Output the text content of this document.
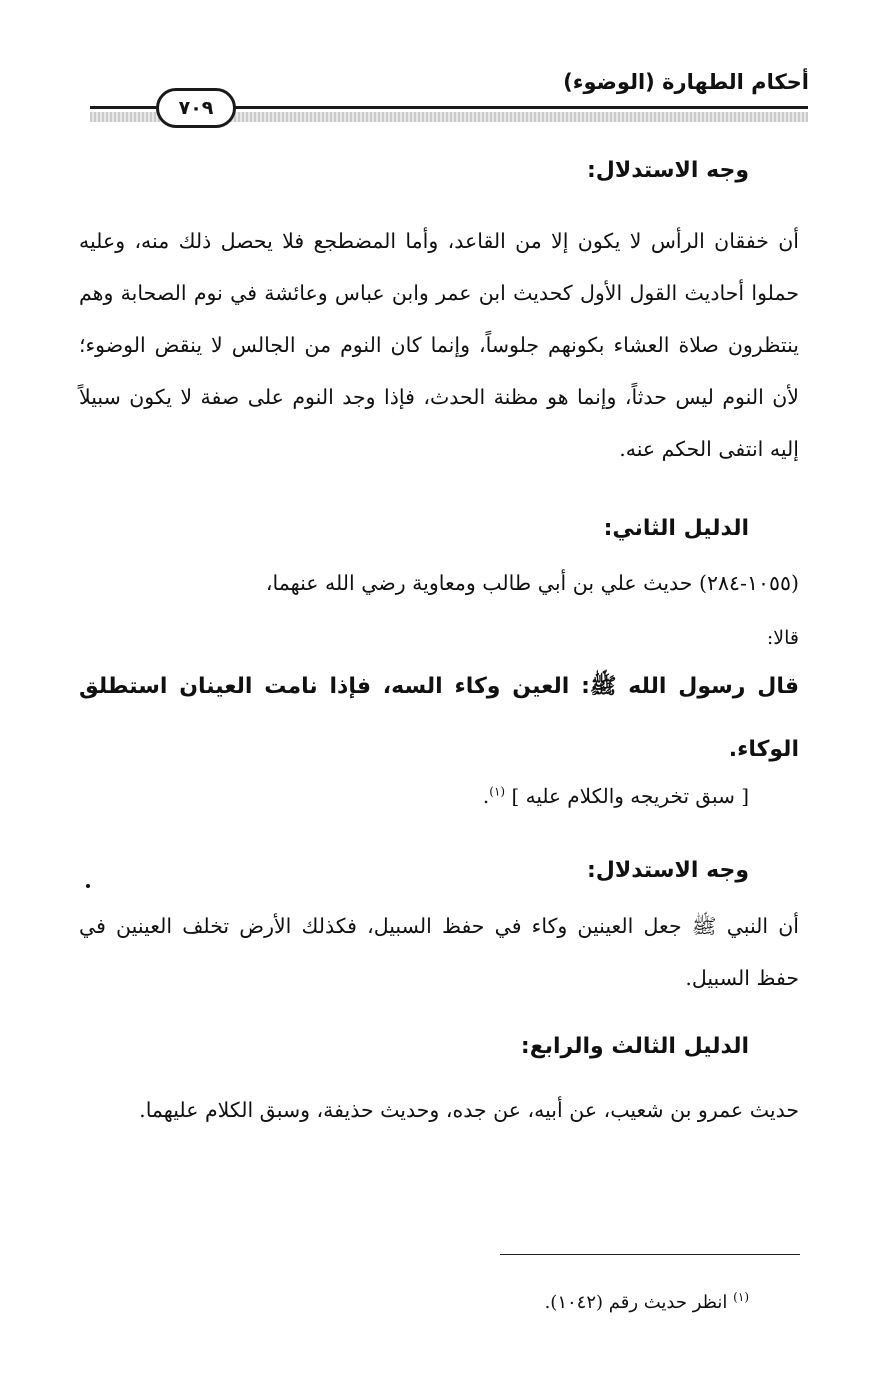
أحكام الطهارة (الوضوء)
٧٠٩
وجه الاستدلال:
أن خفقان الرأس لا يكون إلا من القاعد، وأما المضطجع فلا يحصل ذلك منه، وعليه حملوا أحاديث القول الأول كحديث ابن عمر وابن عباس وعائشة في نوم الصحابة وهم ينتظرون صلاة العشاء بكونهم جلوساً، وإنما كان النوم من الجالس لا ينقض الوضوء؛ لأن النوم ليس حدثاً، وإنما هو مظنة الحدث، فإذا وجد النوم على صفة لا يكون سبيلاً إليه انتفى الحكم عنه.
الدليل الثاني:
(١٠٥٥-٢٨٤) حديث علي بن أبي طالب ومعاوية رضي الله عنهما،
قالا:
قال رسول الله ﷺ: العين وكاء السه، فإذا نامت العينان استطلق الوكاء.
[ سبق تخريجه والكلام عليه ] $^{(١)}$.
وجه الاستدلال:
أن النبي ﷺ جعل العينين وكاء في حفظ السبيل، فكذلك الأرض تخلف العينين في حفظ السبيل.
الدليل الثالث والرابع:
حديث عمرو بن شعيب، عن أبيه، عن جده، وحديث حذيفة، وسبق الكلام عليهما.
$^{(١)}$ انظر حديث رقم (١٠٤٢).
